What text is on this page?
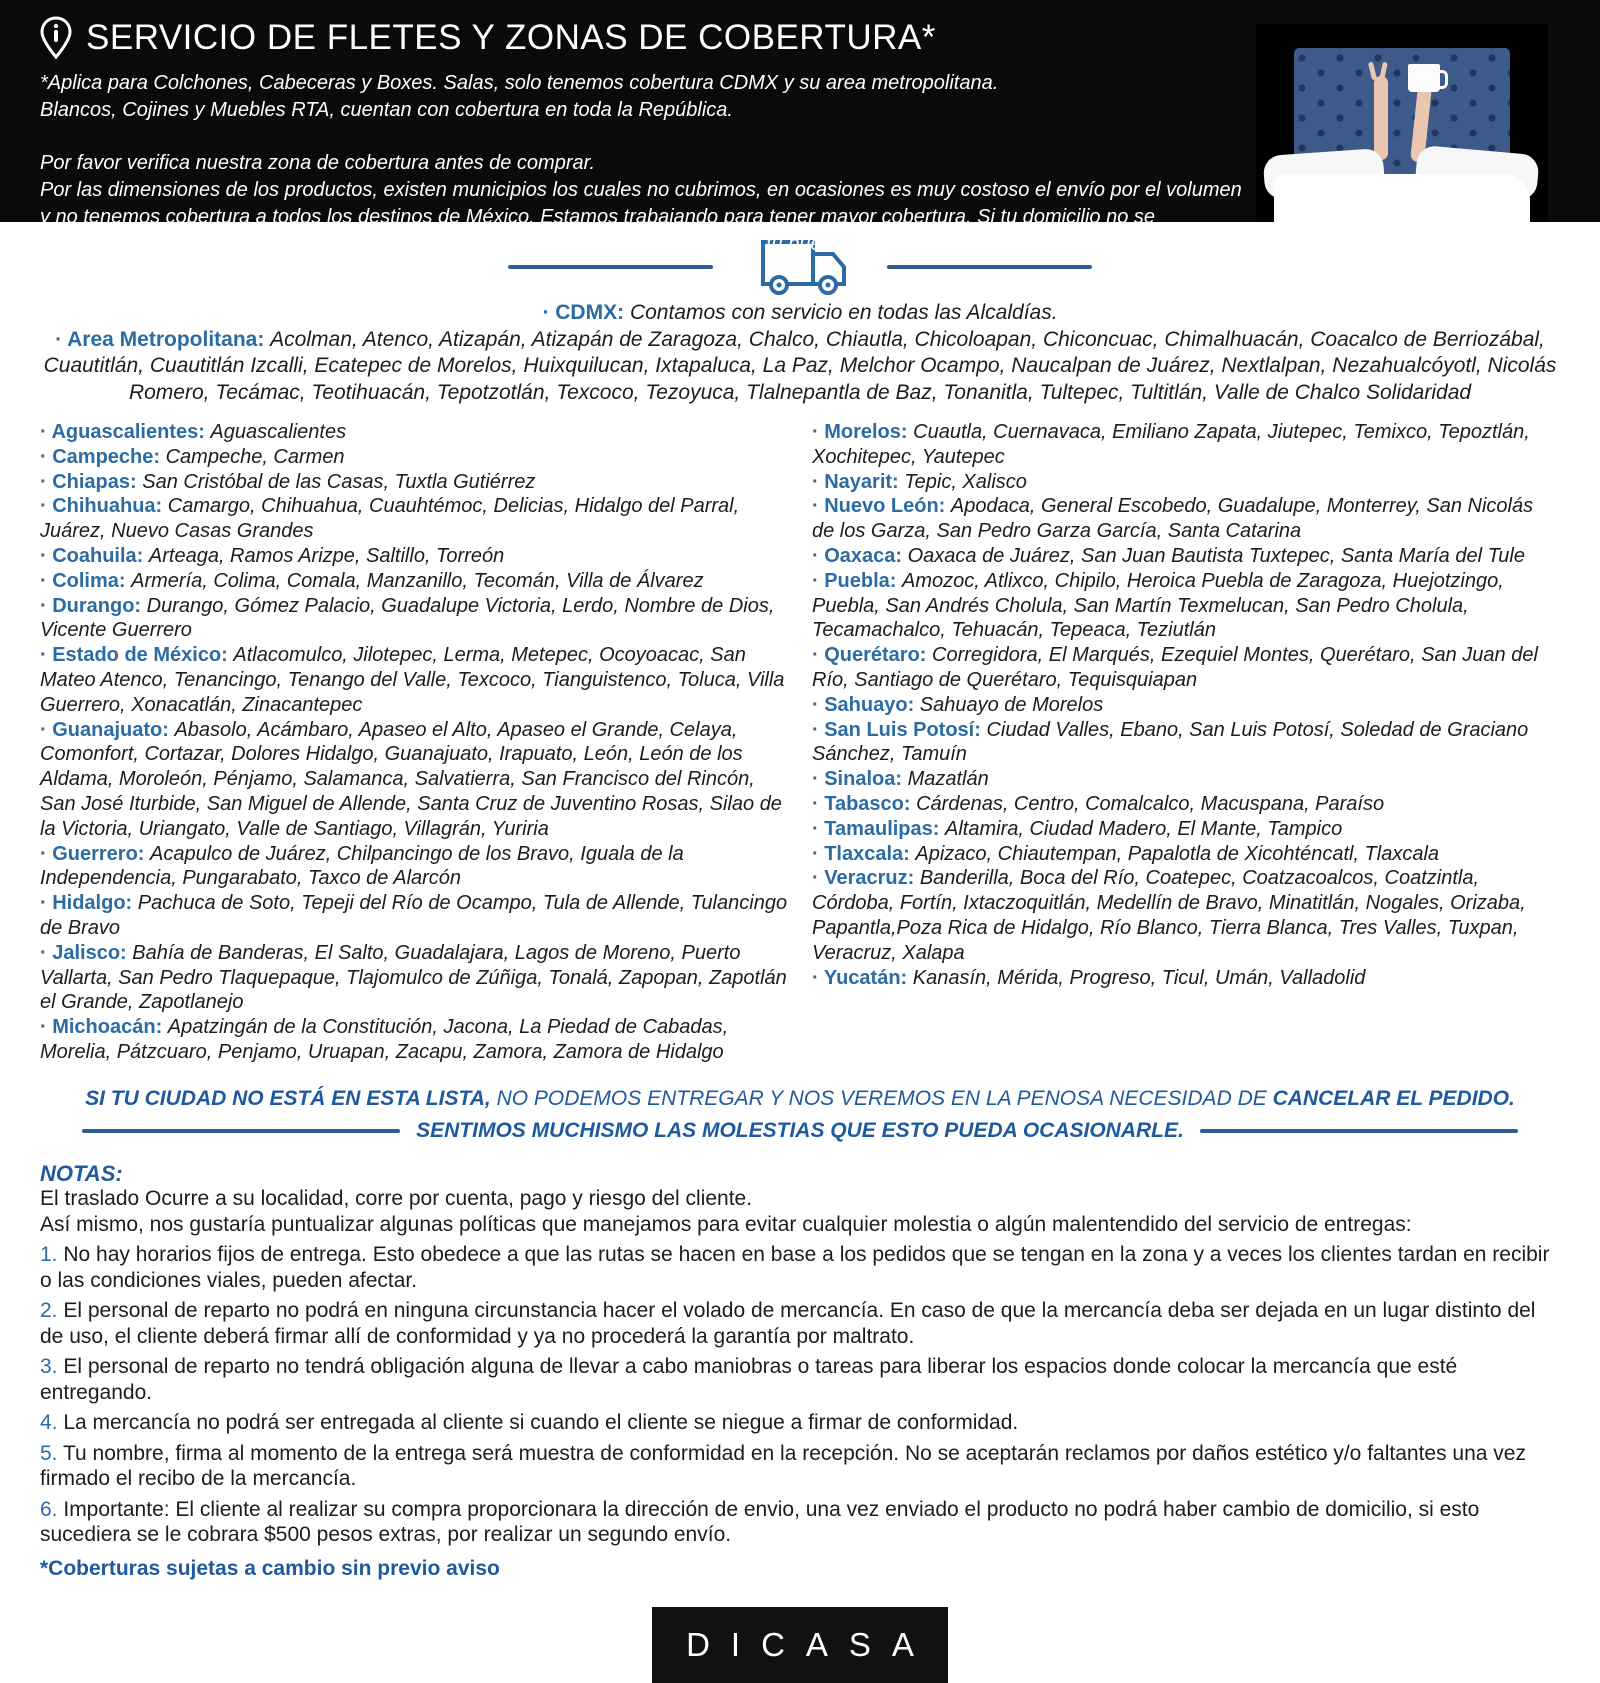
SERVICIO DE FLETES Y ZONAS DE COBERTURA*

*Aplica para Colchones, Cabeceras y Boxes. Salas, solo tenemos cobertura CDMX y su area metropolitana.

Blancos, Cojines y Muebles RTA, cuentan con cobertura en toda la República.

Por favor verifica nuestra zona de cobertura antes de comprar.

Por las dimensiones de los productos, existen municipios los cuales no cubrimos, en ocasiones es muy costoso el envío por el volumen y no tenemos cobertura a todos los destinos de México. Estamos trabajando para tener mayor cobertura. Si tu domicilio no se encuentra en la lista, lo podemos llevar a la ciudad más cercana para que de ahí, tú puedas recoger la mercancía. Esto se llama servicio Ocurre.

· CDMX: Contamos con servicio en todas las Alcaldías.

· Area Metropolitana: Acolman, Atenco, Atizapán, Atizapán de Zaragoza, Chalco, Chiautla, Chicoloapan, Chiconcuac, Chimalhuacán, Coacalco de Berriozábal, Cuautitlán, Cuautitlán Izcalli, Ecatepec de Morelos, Huixquilucan, Ixtapaluca, La Paz, Melchor Ocampo, Naucalpan de Juárez, Nextlalpan, Nezahualcóyotl, Nicolás Romero, Tecámac, Teotihuacán, Tepotzotlán, Texcoco, Tezoyuca, Tlalnepantla de Baz, Tonanitla, Tultepec, Tultitlán, Valle de Chalco Solidaridad

· Aguascalientes: Aguascalientes

· Campeche: Campeche, Carmen

· Chiapas: San Cristóbal de las Casas, Tuxtla Gutiérrez

· Chihuahua: Camargo, Chihuahua, Cuauhtémoc, Delicias, Hidalgo del Parral, Juárez, Nuevo Casas Grandes

· Coahuila: Arteaga, Ramos Arizpe, Saltillo, Torreón

· Colima: Armería, Colima, Comala, Manzanillo, Tecomán, Villa de Álvarez

· Durango: Durango, Gómez Palacio, Guadalupe Victoria, Lerdo, Nombre de Dios, Vicente Guerrero

· Estado de México: Atlacomulco, Jilotepec, Lerma, Metepec, Ocoyoacac, San Mateo Atenco, Tenancingo, Tenango del Valle, Texcoco, Tianguistenco, Toluca, Villa Guerrero, Xonacatlán, Zinacantepec

· Guanajuato: Abasolo, Acámbaro, Apaseo el Alto, Apaseo el Grande, Celaya, Comonfort, Cortazar, Dolores Hidalgo, Guanajuato, Irapuato, León, León de los Aldama, Moroleón, Pénjamo, Salamanca, Salvatierra, San Francisco del Rincón, San José Iturbide, San Miguel de Allende, Santa Cruz de Juventino Rosas, Silao de la Victoria, Uriangato, Valle de Santiago, Villagrán, Yuriria

· Guerrero: Acapulco de Juárez, Chilpancingo de los Bravo, Iguala de la Independencia, Pungarabato, Taxco de Alarcón

· Hidalgo: Pachuca de Soto, Tepeji del Río de Ocampo, Tula de Allende, Tulancingo de Bravo

· Jalisco: Bahía de Banderas, El Salto, Guadalajara, Lagos de Moreno, Puerto Vallarta, San Pedro Tlaquepaque, Tlajomulco de Zúñiga, Tonalá, Zapopan, Zapotlán el Grande, Zapotlanejo

· Michoacán: Apatzingán de la Constitución, Jacona, La Piedad de Cabadas, Morelia, Pátzcuaro, Penjamo, Uruapan, Zacapu, Zamora, Zamora de Hidalgo

· Morelos: Cuautla, Cuernavaca, Emiliano Zapata, Jiutepec, Temixco, Tepoztlán, Xochitepec, Yautepec

· Nayarit: Tepic, Xalisco

· Nuevo León: Apodaca, General Escobedo, Guadalupe, Monterrey, San Nicolás de los Garza, San Pedro Garza García, Santa Catarina

· Oaxaca: Oaxaca de Juárez, San Juan Bautista Tuxtepec, Santa María del Tule

· Puebla: Amozoc, Atlixco, Chipilo, Heroica Puebla de Zaragoza, Huejotzingo, Puebla, San Andrés Cholula, San Martín Texmelucan, San Pedro Cholula, Tecamachalco, Tehuacán, Tepeaca, Teziutlán

· Querétaro: Corregidora, El Marqués, Ezequiel Montes, Querétaro, San Juan del Río, Santiago de Querétaro, Tequisquiapan

· Sahuayo: Sahuayo de Morelos

· San Luis Potosí: Ciudad Valles, Ebano, San Luis Potosí, Soledad de Graciano Sánchez, Tamuín

· Sinaloa: Mazatlán

· Tabasco: Cárdenas, Centro, Comalcalco, Macuspana, Paraíso

· Tamaulipas: Altamira, Ciudad Madero, El Mante, Tampico

· Tlaxcala: Apizaco, Chiautempan, Papalotla de Xicohténcatl, Tlaxcala

· Veracruz: Banderilla, Boca del Río, Coatepec, Coatzacoalcos, Coatzintla, Córdoba, Fortín, Ixtaczoquitlán, Medellín de Bravo, Minatitlán, Nogales, Orizaba, Papantla,Poza Rica de Hidalgo, Río Blanco, Tierra Blanca, Tres Valles, Tuxpan, Veracruz, Xalapa

· Yucatán: Kanasín, Mérida, Progreso, Ticul, Umán, Valladolid

SI TU CIUDAD NO ESTÁ EN ESTA LISTA, NO PODEMOS ENTREGAR Y NOS VEREMOS EN LA PENOSA NECESIDAD DE CANCELAR EL PEDIDO.

SENTIMOS MUCHISMO LAS MOLESTIAS QUE ESTO PUEDA OCASIONARLE.

NOTAS:

El traslado Ocurre a su localidad, corre por cuenta, pago y riesgo del cliente.

Así mismo, nos gustaría puntualizar algunas políticas que manejamos para evitar cualquier molestia o algún malentendido del servicio de entregas:

1. No hay horarios fijos de entrega. Esto obedece a que las rutas se hacen en base a los pedidos que se tengan en la zona y a veces los clientes tardan en recibir o las condiciones viales, pueden afectar.

2. El personal de reparto no podrá en ninguna circunstancia hacer el volado de mercancía. En caso de que la mercancía deba ser dejada en un lugar distinto del de uso, el cliente deberá firmar allí de conformidad y ya no procederá la garantía por maltrato.

3. El personal de reparto no tendrá obligación alguna de llevar a cabo maniobras o tareas para liberar los espacios donde colocar la mercancía que esté entregando.

4. La mercancía no podrá ser entregada al cliente si cuando el cliente se niegue a firmar de conformidad.

5. Tu nombre, firma al momento de la entrega será muestra de conformidad en la recepción. No se aceptarán reclamos por daños estético y/o faltantes una vez firmado el recibo de la mercancía.

6. Importante: El cliente al realizar su compra proporcionara la dirección de envio, una vez enviado el producto no podrá haber cambio de domicilio, si esto sucediera se le cobrara $500 pesos extras, por realizar un segundo envío.

*Coberturas sujetas a cambio sin previo aviso

DICASA
